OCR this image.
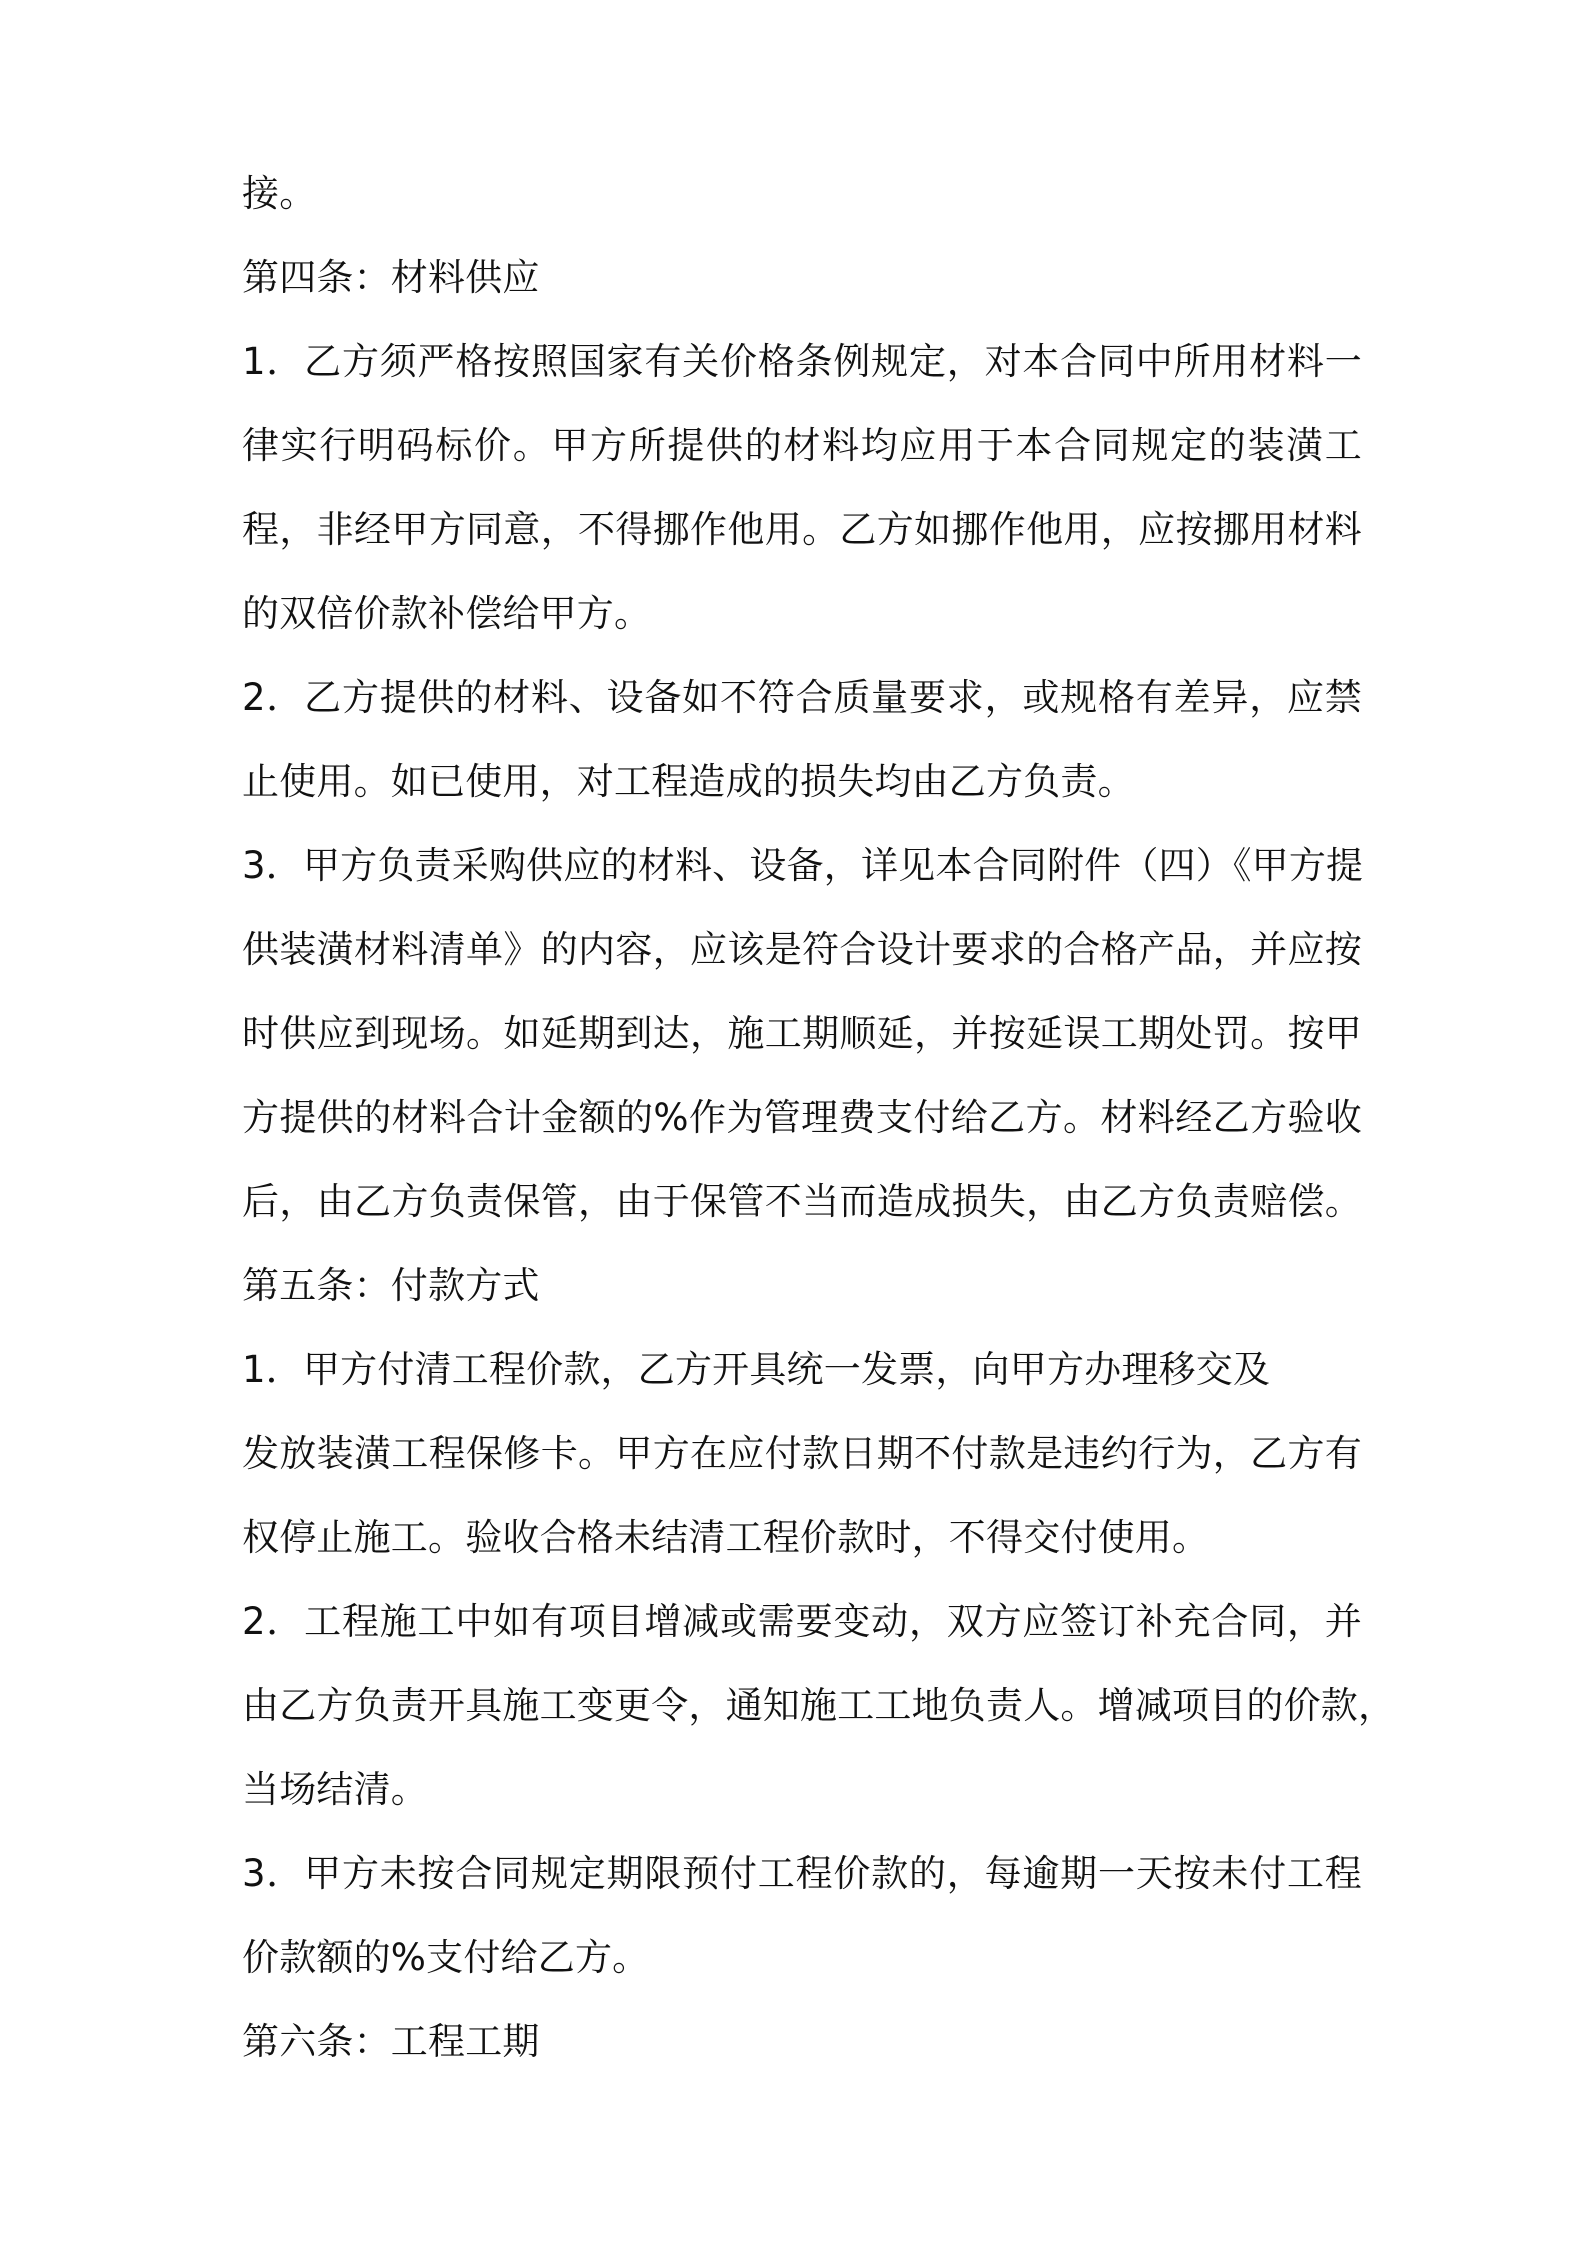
接。
第四条：材料供应
1．乙方须严格按照国家有关价格条例规定，对本合同中所用材料一
律实行明码标价。甲方所提供的材料均应用于本合同规定的装潢工
程，非经甲方同意，不得挪作他用。乙方如挪作他用，应按挪用材料
的双倍价款补偿给甲方。
2．乙方提供的材料、设备如不符合质量要求，或规格有差异，应禁
止使用。如已使用，对工程造成的损失均由乙方负责。
3．甲方负责采购供应的材料、设备，详见本合同附件（四）《甲方提
供装潢材料清单》的内容，应该是符合设计要求的合格产品，并应按
时供应到现场。如延期到达，施工期顺延，并按延误工期处罚。按甲
方提供的材料合计金额的%作为管理费支付给乙方。材料经乙方验收
后，由乙方负责保管，由于保管不当而造成损失，由乙方负责赔偿。
第五条：付款方式
1．甲方付清工程价款，乙方开具统一发票，向甲方办理移交及
发放装潢工程保修卡。甲方在应付款日期不付款是违约行为，乙方有
权停止施工。验收合格未结清工程价款时，不得交付使用。
2．工程施工中如有项目增减或需要变动，双方应签订补充合同，并
由乙方负责开具施工变更令，通知施工工地负责人。增减项目的价款，
当场结清。
3．甲方未按合同规定期限预付工程价款的，每逾期一天按未付工程
价款额的%支付给乙方。
第六条：工程工期
